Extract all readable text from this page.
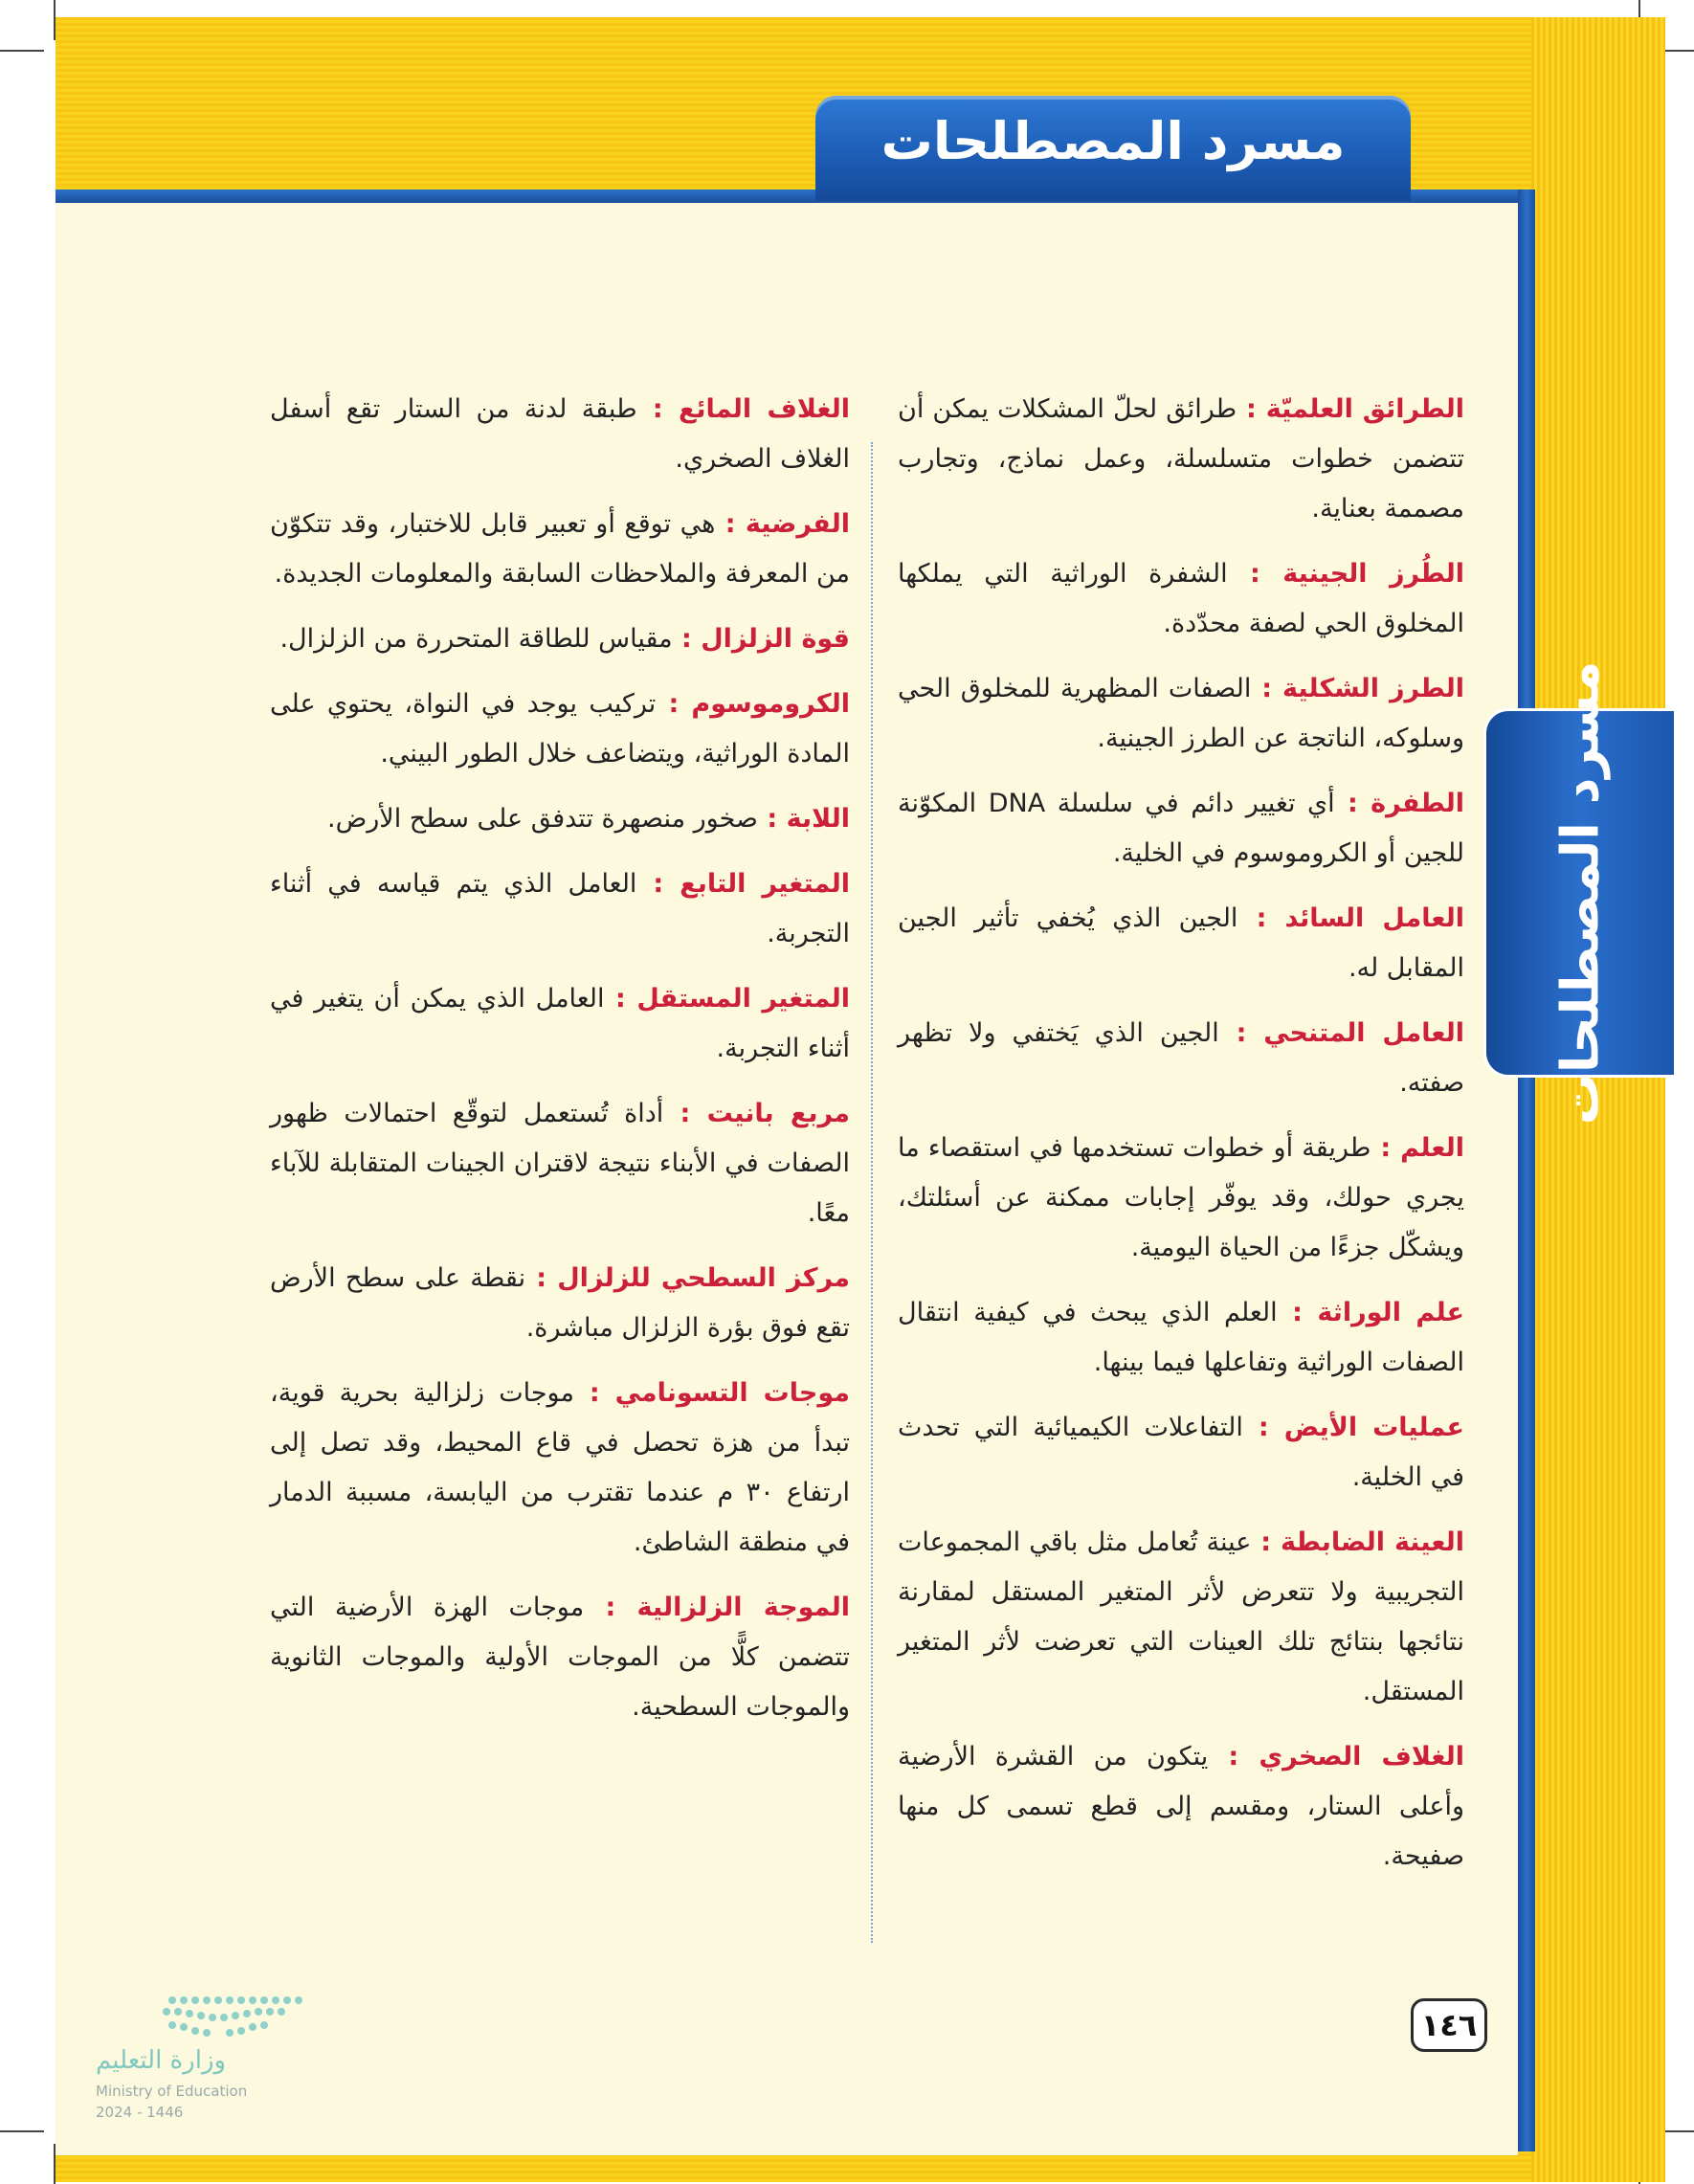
مسرد المصطلحات
مسرد المصطلحات
الطرائق العلميّة : طرائق لحلّ المشكلات يمكن أن تتضمن خطوات متسلسلة، وعمل نماذج، وتجارب مصممة بعناية.
الطُرز الجينية : الشفرة الوراثية التي يملكها المخلوق الحي لصفة محدّدة.
الطرز الشكلية : الصفات المظهرية للمخلوق الحي وسلوكه، الناتجة عن الطرز الجينية.
الطفرة : أي تغيير دائم في سلسلة DNA المكوّنة للجين أو الكروموسوم في الخلية.
العامل السائد : الجين الذي يُخفي تأثير الجين المقابل له.
العامل المتنحي : الجين الذي يَختفي ولا تظهر صفته.
العلم : طريقة أو خطوات تستخدمها في استقصاء ما يجري حولك، وقد يوفّر إجابات ممكنة عن أسئلتك، ويشكّل جزءًا من الحياة اليومية.
علم الوراثة : العلم الذي يبحث في كيفية انتقال الصفات الوراثية وتفاعلها فيما بينها.
عمليات الأيض : التفاعلات الكيميائية التي تحدث في الخلية.
العينة الضابطة : عينة تُعامل مثل باقي المجموعات التجريبية ولا تتعرض لأثر المتغير المستقل لمقارنة نتائجها بنتائج تلك العينات التي تعرضت لأثر المتغير المستقل.
الغلاف الصخري : يتكون من القشرة الأرضية وأعلى الستار، ومقسم إلى قطع تسمى كل منها صفيحة.
الغلاف المائع : طبقة لدنة من الستار تقع أسفل الغلاف الصخري.
الفرضية : هي توقع أو تعبير قابل للاختبار، وقد تتكوّن من المعرفة والملاحظات السابقة والمعلومات الجديدة.
قوة الزلزال : مقياس للطاقة المتحررة من الزلزال.
الكروموسوم : تركيب يوجد في النواة، يحتوي على المادة الوراثية، ويتضاعف خلال الطور البيني.
اللابة : صخور منصهرة تتدفق على سطح الأرض.
المتغير التابع : العامل الذي يتم قياسه في أثناء التجربة.
المتغير المستقل : العامل الذي يمكن أن يتغير في أثناء التجربة.
مربع بانيت : أداة تُستعمل لتوقّع احتمالات ظهور الصفات في الأبناء نتيجة لاقتران الجينات المتقابلة للآباء معًا.
مركز السطحي للزلزال : نقطة على سطح الأرض تقع فوق بؤرة الزلزال مباشرة.
موجات التسونامي : موجات زلزالية بحرية قوية، تبدأ من هزة تحصل في قاع المحيط، وقد تصل إلى ارتفاع ٣٠ م عندما تقترب من اليابسة، مسببة الدمار في منطقة الشاطئ.
الموجة الزلزالية : موجات الهزة الأرضية التي تتضمن كلًّا من الموجات الأولية والموجات الثانوية والموجات السطحية.
١٤٦
وزارة التعليم
Ministry of Education
2024 - 1446
